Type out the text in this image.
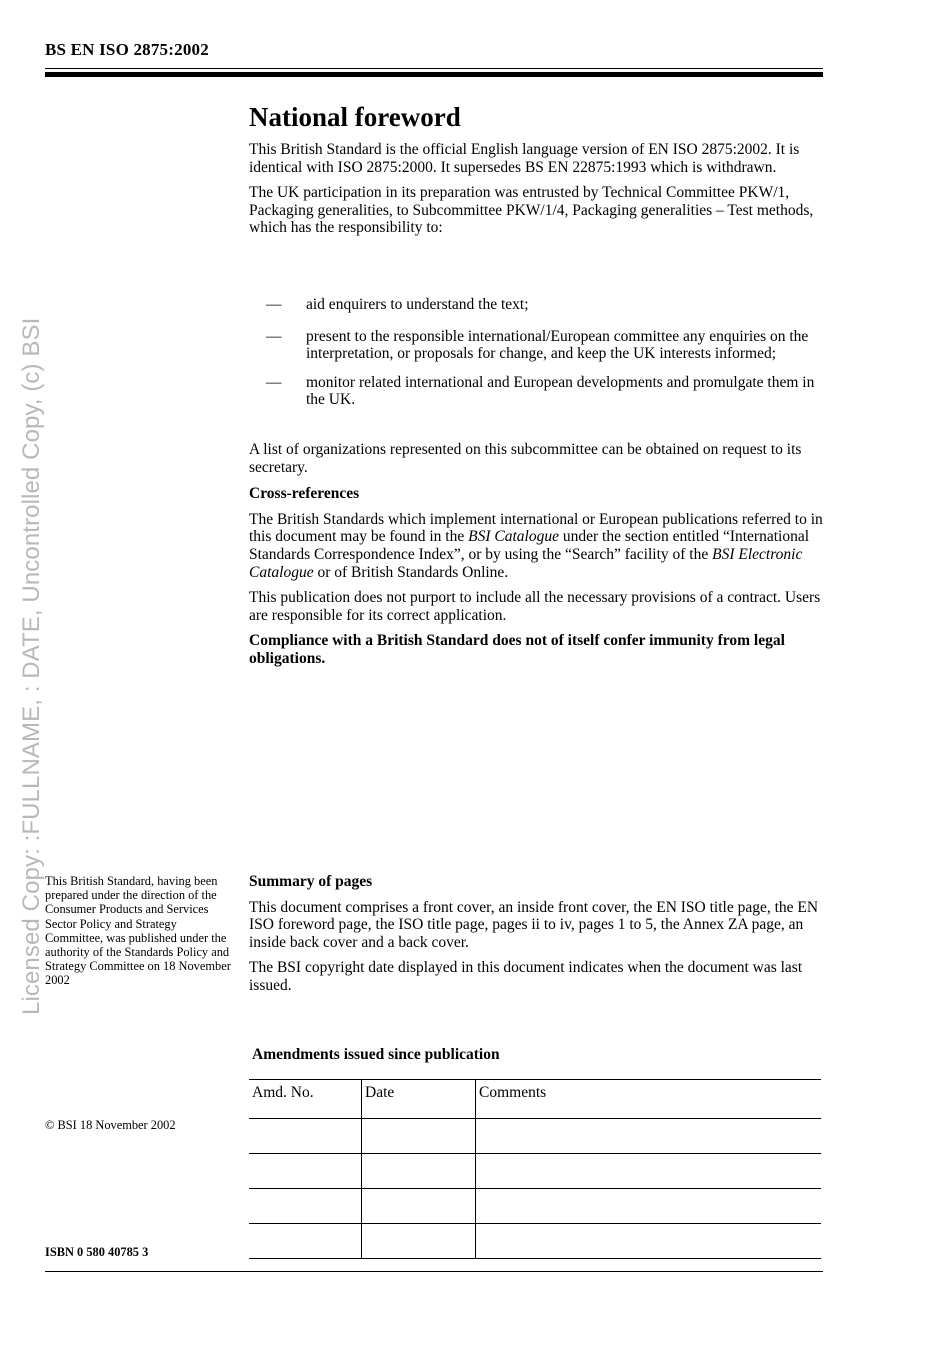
BS EN ISO 2875:2002
Licensed Copy: :FULLNAME, : DATE, Uncontrolled Copy, (c) BSI
National foreword

This British Standard is the official English language version of EN ISO 2875:2002. It is identical with ISO 2875:2000. It supersedes BS EN 22875:1993 which is withdrawn.

The UK participation in its preparation was entrusted by Technical Committee PKW/1, Packaging generalities, to Subcommittee PKW/1/4, Packaging generalities – Test methods, which has the responsibility to:

— aid enquirers to understand the text;
— present to the responsible international/European committee any enquiries on the interpretation, or proposals for change, and keep the UK interests informed;
— monitor related international and European developments and promulgate them in the UK.

A list of organizations represented on this subcommittee can be obtained on request to its secretary.

Cross-references

The British Standards which implement international or European publications referred to in this document may be found in the BSI Catalogue under the section entitled “International Standards Correspondence Index”, or by using the “Search” facility of the BSI Electronic Catalogue or of British Standards Online.

This publication does not purport to include all the necessary provisions of a contract. Users are responsible for its correct application.

Compliance with a British Standard does not of itself confer immunity from legal obligations.

This British Standard, having been prepared under the direction of the Consumer Products and Services Sector Policy and Strategy Committee, was published under the authority of the Standards Policy and Strategy Committee on 18 November 2002

Summary of pages

This document comprises a front cover, an inside front cover, the EN ISO title page, the EN ISO foreword page, the ISO title page, pages ii to iv, pages 1 to 5, the Annex ZA page, an inside back cover and a back cover.

The BSI copyright date displayed in this document indicates when the document was last issued.

Amendments issued since publication
Amd. No.	Date	Comments

© BSI 18 November 2002
ISBN 0 580 40785 3
